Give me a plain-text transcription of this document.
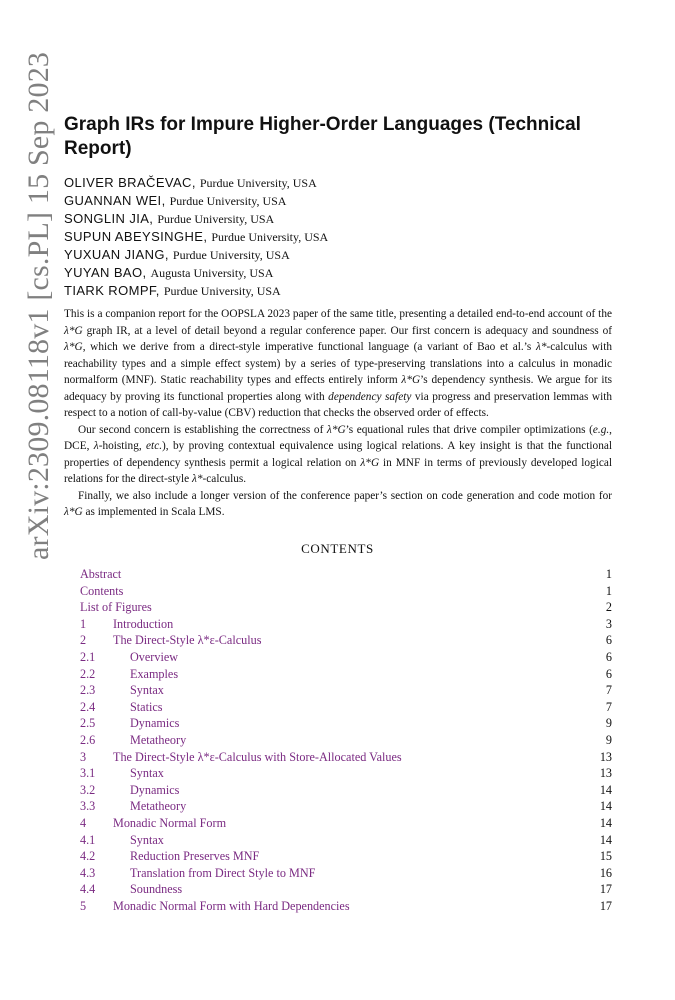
arXiv:2309.08118v1 [cs.PL] 15 Sep 2023 Graph IRs for Impure Higher-Order Languages (Technical Report)
OLIVER BRAČEVAC, Purdue University, USA
GUANNAN WEI, Purdue University, USA
SONGLIN JIA, Purdue University, USA
SUPUN ABEYSINGHE, Purdue University, USA
YUXUAN JIANG, Purdue University, USA
YUYAN BAO, Augusta University, USA
TIARK ROMPF, Purdue University, USA

This is a companion report for the OOPSLA 2023 paper of the same title, presenting a detailed end-to-end account of the λ*G graph IR, at a level of detail beyond a regular conference paper. Our first concern is adequacy and soundness of λ*G, which we derive from a direct-style imperative functional language (a variant of Bao et al.’s λ*-calculus with reachability types and a simple effect system) by a series of type-preserving translations into a calculus in monadic normalform (MNF). Static reachability types and effects entirely inform λ*G’s dependency synthesis. We argue for its adequacy by proving its functional properties along with dependency safety via progress and preservation lemmas with respect to a notion of call-by-value (CBV) reduction that checks the observed order of effects.

Our second concern is establishing the correctness of λ*G’s equational rules that drive compiler optimizations (e.g., DCE, λ-hoisting, etc.), by proving contextual equivalence using logical relations. A key insight is that the functional properties of dependency synthesis permit a logical relation on λ*G in MNF in terms of previously developed logical relations for the direct-style λ*-calculus.

Finally, we also include a longer version of the conference paper’s section on code generation and code motion for λ*G as implemented in Scala LMS.

CONTENTS
Abstract	1
Contents	1
List of Figures	2
1 Introduction	3
2 The Direct-Style λ*ε-Calculus	6
2.1	Overview	6
2.2	Examples	6
2.3	Syntax	7
2.4	Statics	7
2.5	Dynamics	9
2.6	Metatheory	9
3 The Direct-Style λ*ε-Calculus with Store-Allocated Values	13
3.1	Syntax	13
3.2	Dynamics	14
3.3	Metatheory	14
4 Monadic Normal Form	14
4.1	Syntax	14
4.2	Reduction Preserves MNF	15
4.3	Translation from Direct Style to MNF	16
4.4	Soundness	17
5 Monadic Normal Form with Hard Dependencies	17
